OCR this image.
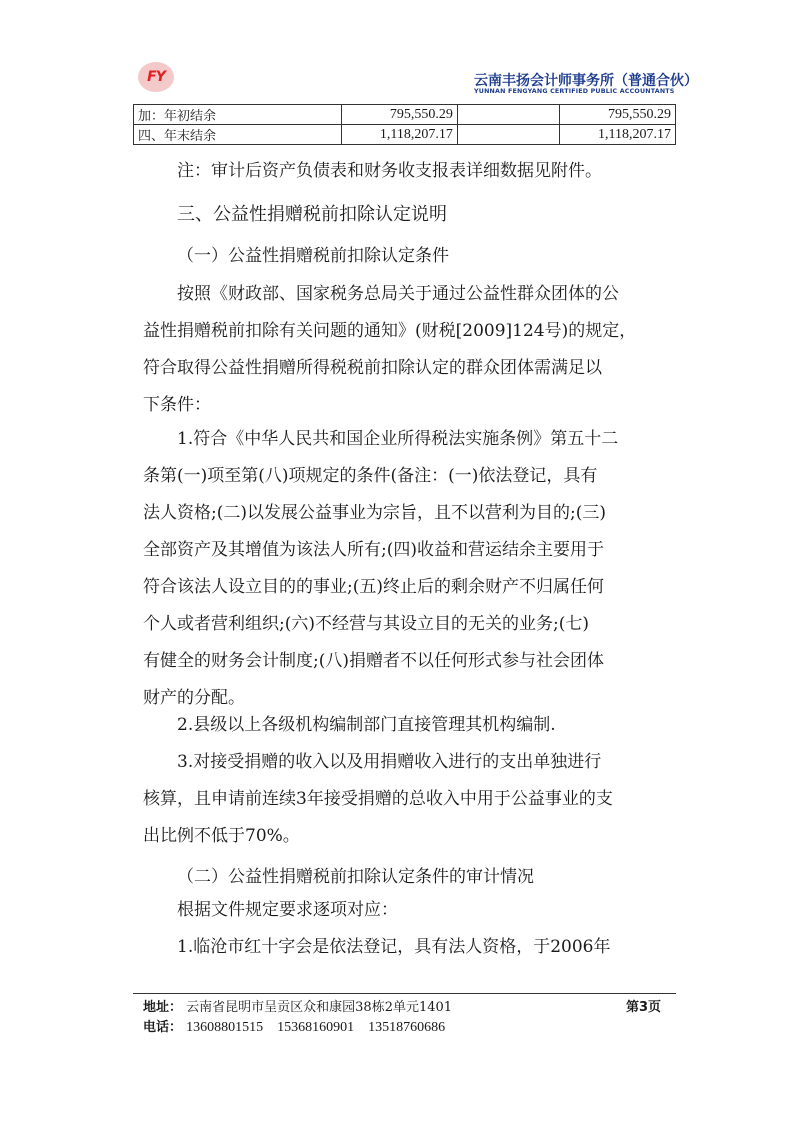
FY	云南丰扬会计师事务所（普通合伙）
YUNNAN FENGYANG CERTIFIED PUBLIC ACCOUNTANTS
加：年初结余	795,550.29		795,550.29
四、年末结余	1,118,207.17		1,118,207.17
注：审计后资产负债表和财务收支报表详细数据见附件。
三、公益性捐赠税前扣除认定说明
（一）公益性捐赠税前扣除认定条件
按照《财政部、国家税务总局关于通过公益性群众团体的公
益性捐赠税前扣除有关问题的通知》(财税[2009]124号)的规定，
符合取得公益性捐赠所得税税前扣除认定的群众团体需满足以
下条件：
1.符合《中华人民共和国企业所得税法实施条例》第五十二
条第(一)项至第(八)项规定的条件(备注：(一)依法登记，具有
法人资格;(二)以发展公益事业为宗旨，且不以营利为目的;(三)
全部资产及其增值为该法人所有;(四)收益和营运结余主要用于
符合该法人设立目的的事业;(五)终止后的剩余财产不归属任何
个人或者营利组织;(六)不经营与其设立目的无关的业务;(七)
有健全的财务会计制度;(八)捐赠者不以任何形式参与社会团体
财产的分配。
2.县级以上各级机构编制部门直接管理其机构编制.
3.对接受捐赠的收入以及用捐赠收入进行的支出单独进行
核算，且申请前连续3年接受捐赠的总收入中用于公益事业的支
出比例不低于70%。
（二）公益性捐赠税前扣除认定条件的审计情况
根据文件规定要求逐项对应：
1.临沧市红十字会是依法登记，具有法人资格，于2006年
地址： 云南省昆明市呈贡区众和康园38栋2单元1401	第3页
电话： 13608801515    15368160901    13518760686
